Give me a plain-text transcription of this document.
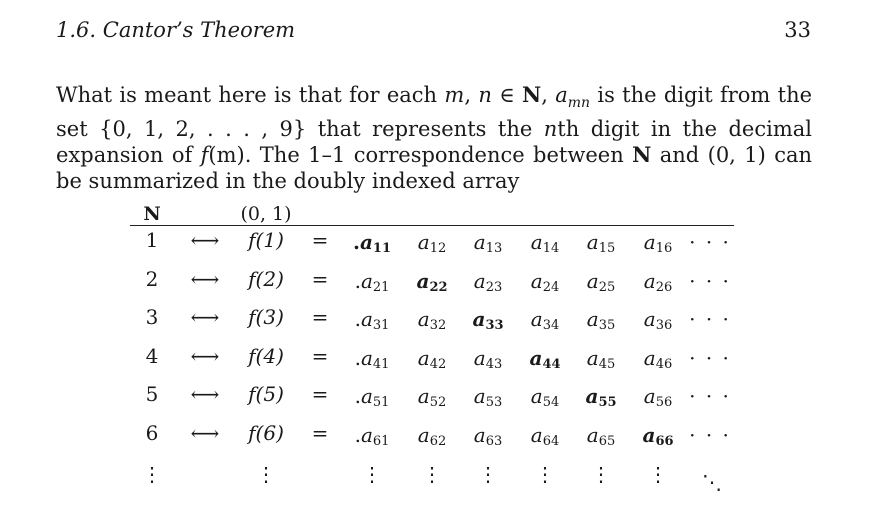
1.6. Cantor’s Theorem	33
What is meant here is that for each m, n ∈ N, $a_{mn}$ is the digit from the set {0, 1, 2, . . . , 9} that represents the nth digit in the decimal expansion of f(m). The 1–1 correspondence between N and (0, 1) can be summarized in the doubly indexed array
N	(0, 1)
1 ⟷ $f(1) = .a_{11}$ $a_{12}$ $a_{13}$ $a_{14}$ $a_{15}$ $a_{16}$ · · ·
2 ⟷ $f(2) = .a_{21}$ $a_{22}$ $a_{23}$ $a_{24}$ $a_{25}$ $a_{26}$ · · ·
3 ⟷ $f(3) = .a_{31}$ $a_{32}$ $a_{33}$ $a_{34}$ $a_{35}$ $a_{36}$ · · ·
4 ⟷ $f(4) = .a_{41}$ $a_{42}$ $a_{43}$ $a_{44}$ $a_{45}$ $a_{46}$ · · ·
5 ⟷ $f(5) = .a_{51}$ $a_{52}$ $a_{53}$ $a_{54}$ $a_{55}$ $a_{56}$ · · ·
6 ⟷ $f(6) = .a_{61}$ $a_{62}$ $a_{63}$ $a_{64}$ $a_{65}$ $a_{66}$ · · ·
⋮	⋮	⋮ ⋮ ⋮ ⋮ ⋮ ⋮ ⋱
